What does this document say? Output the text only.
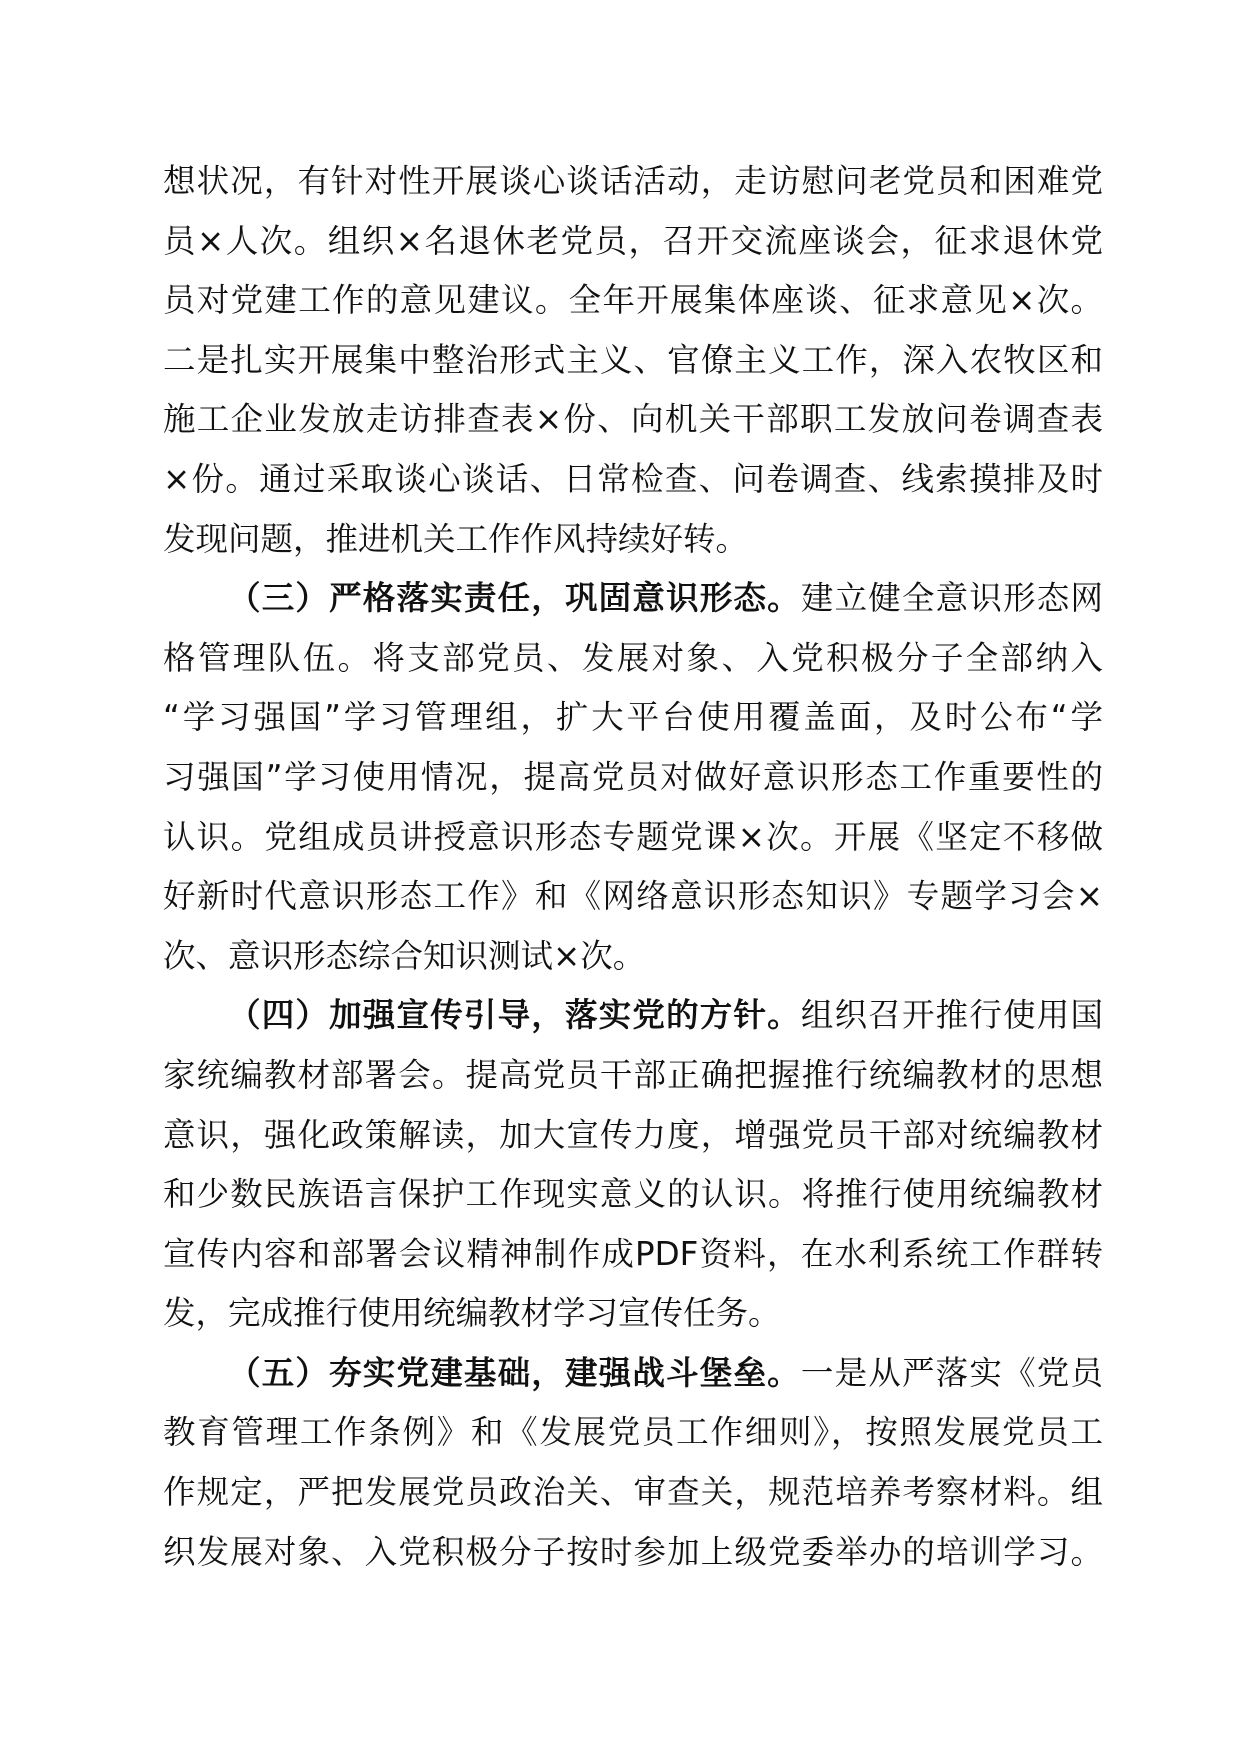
想状况，有针对性开展谈心谈话活动，走访慰问老党员和困难党
员×人次。组织×名退休老党员，召开交流座谈会，征求退休党
员对党建工作的意见建议。全年开展集体座谈、征求意见×次。
二是扎实开展集中整治形式主义、官僚主义工作，深入农牧区和
施工企业发放走访排查表×份、向机关干部职工发放问卷调查表
×份。通过采取谈心谈话、日常检查、问卷调查、线索摸排及时
发现问题，推进机关工作作风持续好转。
（三）严格落实责任，巩固意识形态。建立健全意识形态网
格管理队伍。将支部党员、发展对象、入党积极分子全部纳入
“学习强国”学习管理组，扩大平台使用覆盖面，及时公布“学
习强国”学习使用情况，提高党员对做好意识形态工作重要性的
认识。党组成员讲授意识形态专题党课×次。开展《坚定不移做
好新时代意识形态工作》和《网络意识形态知识》专题学习会×
次、意识形态综合知识测试×次。
（四）加强宣传引导，落实党的方针。组织召开推行使用国
家统编教材部署会。提高党员干部正确把握推行统编教材的思想
意识，强化政策解读，加大宣传力度，增强党员干部对统编教材
和少数民族语言保护工作现实意义的认识。将推行使用统编教材
宣传内容和部署会议精神制作成PDF资料，在水利系统工作群转
发，完成推行使用统编教材学习宣传任务。
（五）夯实党建基础，建强战斗堡垒。一是从严落实《党员
教育管理工作条例》和《发展党员工作细则》，按照发展党员工
作规定，严把发展党员政治关、审查关，规范培养考察材料。组
织发展对象、入党积极分子按时参加上级党委举办的培训学习。
